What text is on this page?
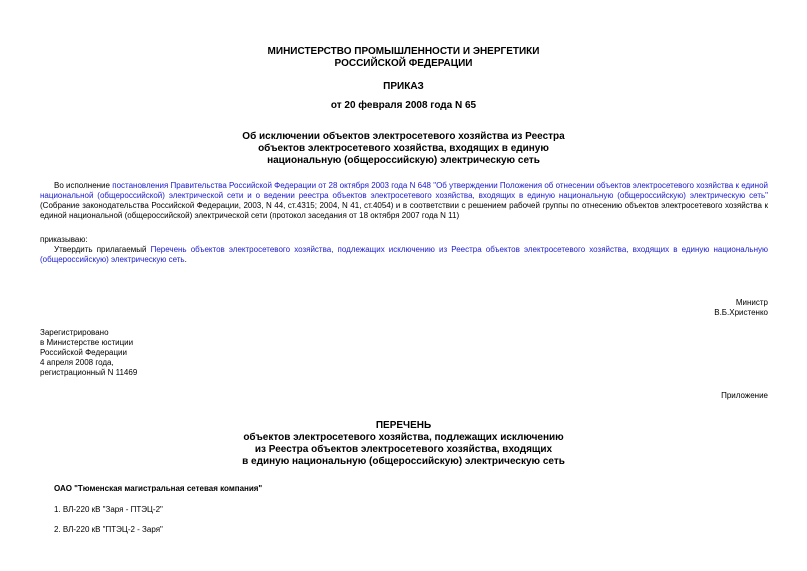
МИНИСТЕРСТВО ПРОМЫШЛЕННОСТИ И ЭНЕРГЕТИКИ

РОССИЙСКОЙ ФЕДЕРАЦИИ

ПРИКАЗ
от 20 февраля 2008 года N 65

Об исключении объектов электросетевого хозяйства из Реестра

объектов электросетевого хозяйства, входящих в единую

национальную (общероссийскую) электрическую сеть

Во исполнение постановления Правительства Российской Федерации от 28 октября 2003 года N 648 "Об утверждении Положения об отнесении объектов электросетевого хозяйства к единой национальной (общероссийской) электрической сети и о ведении реестра объектов электросетевого хозяйства, входящих в единую национальную (общероссийскую) электрическую сеть" (Собрание законодательства Российской Федерации, 2003, N 44, ст.4315; 2004, N 41, ст.4054) и в соответствии с решением рабочей группы по отнесению объектов электросетевого хозяйства к единой национальной (общероссийской) электрической сети (протокол заседания от 18 октября 2007 года N 11)
приказываю:
Утвердить прилагаемый Перечень объектов электросетевого хозяйства, подлежащих исключению из Реестра объектов электросетевого хозяйства, входящих в единую национальную (общероссийскую) электрическую сеть.

Министр

В.Б.Христенко

Зарегистрировано

в Министерстве юстиции

Российской Федерации

4 апреля 2008 года,

регистрационный N 11469

Приложение
ПЕРЕЧЕНЬ

объектов электросетевого хозяйства, подлежащих исключению

из Реестра объектов электросетевого хозяйства, входящих

в единую национальную (общероссийскую) электрическую сеть

ОАО "Тюменская магистральная сетевая компания"
1. ВЛ-220 кВ "Заря - ПТЭЦ-2"
2. ВЛ-220 кВ "ПТЭЦ-2 - Заря"
